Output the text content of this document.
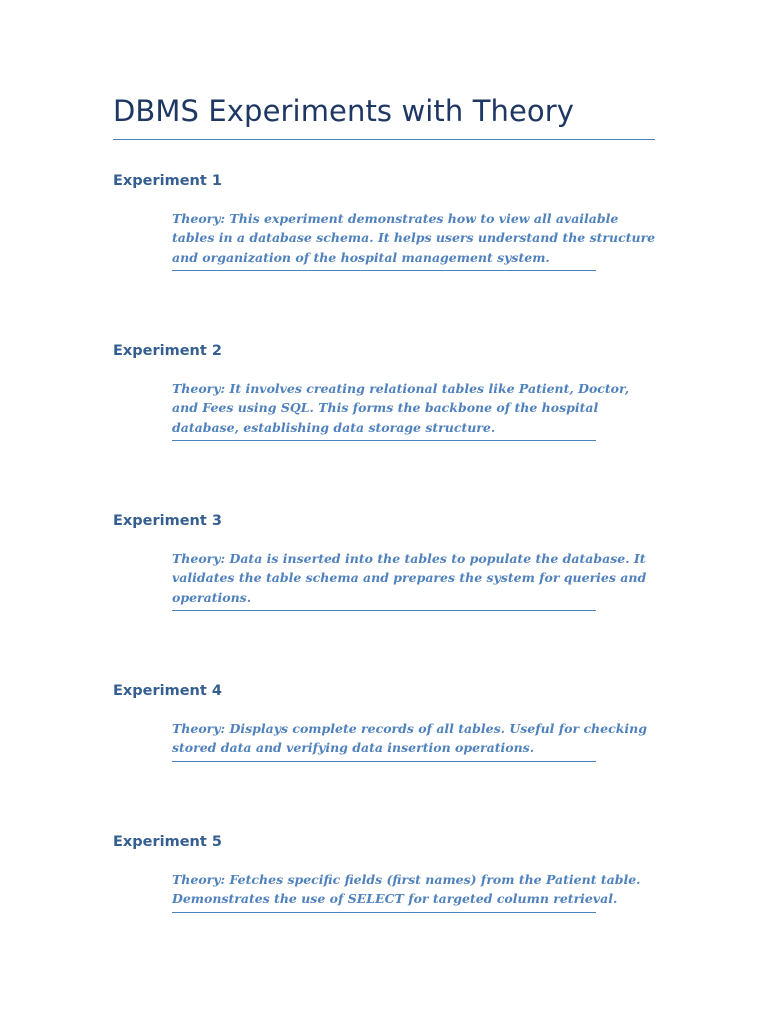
DBMS Experiments with Theory
Experiment 1
Theory: This experiment demonstrates how to view all available
tables in a database schema. It helps users understand the structure
and organization of the hospital management system.
Experiment 2
Theory: It involves creating relational tables like Patient, Doctor,
and Fees using SQL. This forms the backbone of the hospital
database, establishing data storage structure.
Experiment 3
Theory: Data is inserted into the tables to populate the database. It
validates the table schema and prepares the system for queries and
operations.
Experiment 4
Theory: Displays complete records of all tables. Useful for checking
stored data and verifying data insertion operations.
Experiment 5
Theory: Fetches specific fields (first names) from the Patient table.
Demonstrates the use of SELECT for targeted column retrieval.
